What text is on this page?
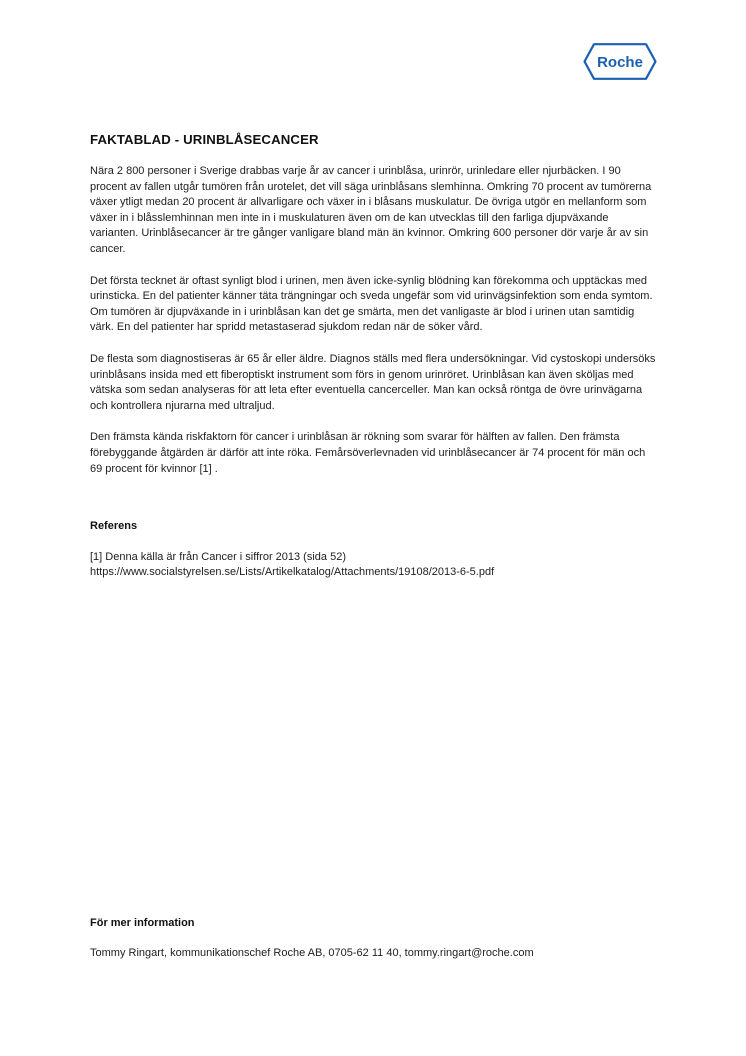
Roche
FAKTABLAD - URINBLÅSECANCER

Nära 2 800 personer i Sverige drabbas varje år av cancer i urinblåsa, urinrör, urinledare eller njurbäcken. I 90 procent av fallen utgår tumören från urotelet, det vill säga urinblåsans slemhinna. Omkring 70 procent av tumörerna växer ytligt medan 20 procent är allvarligare och växer in i blåsans muskulatur. De övriga utgör en mellanform som växer in i blåsslemhinnan men inte in i muskulaturen även om de kan utvecklas till den farliga djupväxande varianten. Urinblåsecancer är tre gånger vanligare bland män än kvinnor. Omkring 600 personer dör varje år av sin cancer.

Det första tecknet är oftast synligt blod i urinen, men även icke-synlig blödning kan förekomma och upptäckas med urinsticka. En del patienter känner täta trängningar och sveda ungefär som vid urinvägsinfektion som enda symtom. Om tumören är djupväxande in i urinblåsan kan det ge smärta, men det vanligaste är blod i urinen utan samtidig värk. En del patienter har spridd metastaserad sjukdom redan när de söker vård.

De flesta som diagnostiseras är 65 år eller äldre. Diagnos ställs med flera undersökningar. Vid cystoskopi undersöks urinblåsans insida med ett fiberoptiskt instrument som förs in genom urinröret. Urinblåsan kan även sköljas med vätska som sedan analyseras för att leta efter eventuella cancerceller. Man kan också röntga de övre urinvägarna och kontrollera njurarna med ultraljud.

Den främsta kända riskfaktorn för cancer i urinblåsan är rökning som svarar för hälften av fallen. Den främsta förebyggande åtgärden är därför att inte röka. Femårsöverlevnaden vid urinblåsecancer är 74 procent för män och 69 procent för kvinnor [1] .

Referens
[1] Denna källa är från Cancer i siffror 2013 (sida 52)
https://www.socialstyrelsen.se/Lists/Artikelkatalog/Attachments/19108/2013-6-5.pdf
För mer information
Tommy Ringart, kommunikationschef Roche AB, 0705-62 11 40, tommy.ringart@roche.com
